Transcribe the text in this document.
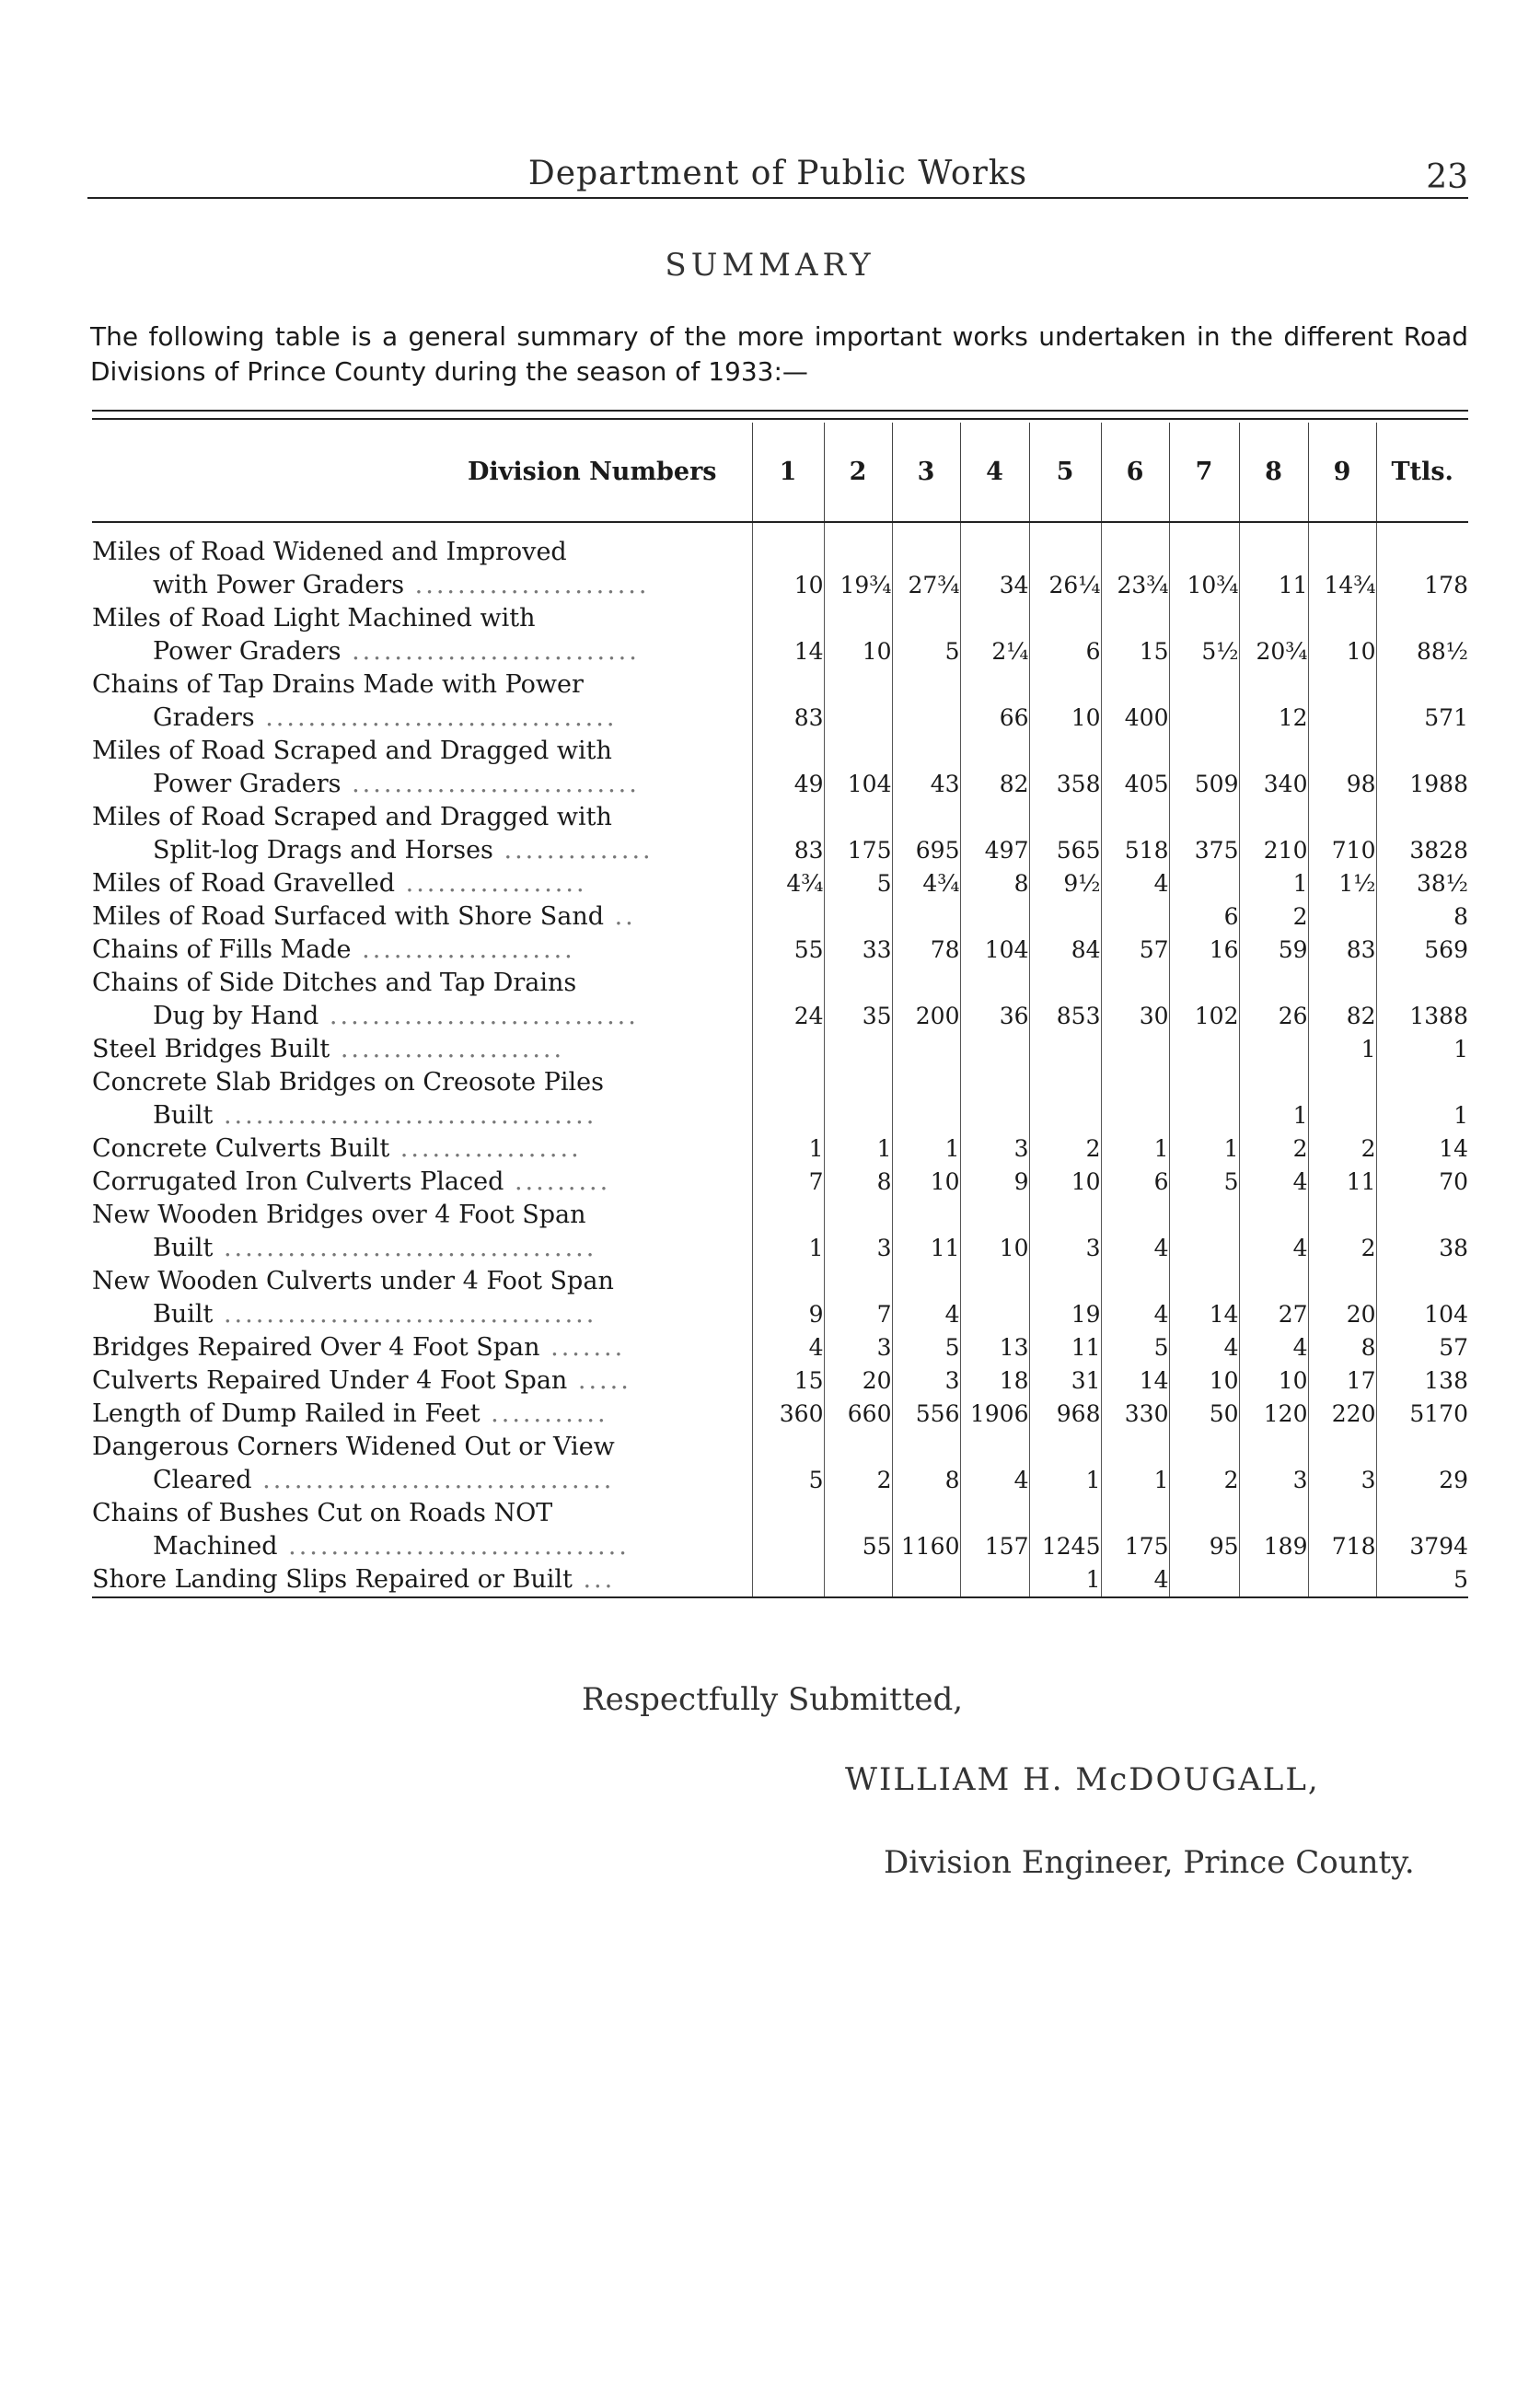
Department of Public Works	23
SUMMARY
The following table is a general summary of the more important works undertaken in the different Road Divisions of Prince County during the season of 1933:—
Division Numbers	1	2	3	4	5	6	7	8	9	Ttls.

Miles of Road Widened and Improved										
with Power Graders ......................	10	19¾	27¾	34	26¼	23¾	10¾	11	14¾	178
Miles of Road Light Machined with										
Power Graders ...........................	14	10	5	2¼	6	15	5½	20¾	10	88½
Chains of Tap Drains Made with Power										
Graders .................................	83			66	10	400		12		571
Miles of Road Scraped and Dragged with										
Power Graders ...........................	49	104	43	82	358	405	509	340	98	1988
Miles of Road Scraped and Dragged with										
Split-log Drags and Horses ..............	83	175	695	497	565	518	375	210	710	3828
Miles of Road Gravelled .................	4¾	5	4¾	8	9½	4		1	1½	38½
Miles of Road Surfaced with Shore Sand ..							6	2		8
Chains of Fills Made ....................	55	33	78	104	84	57	16	59	83	569
Chains of Side Ditches and Tap Drains										
Dug by Hand .............................	24	35	200	36	853	30	102	26	82	1388
Steel Bridges Built .....................									1	1
Concrete Slab Bridges on Creosote Piles										
Built ...................................								1		1
Concrete Culverts Built .................	1	1	1	3	2	1	1	2	2	14
Corrugated Iron Culverts Placed .........	7	8	10	9	10	6	5	4	11	70
New Wooden Bridges over 4 Foot Span										
Built ...................................	1	3	11	10	3	4		4	2	38
New Wooden Culverts under 4 Foot Span										
Built ...................................	9	7	4		19	4	14	27	20	104
Bridges Repaired Over 4 Foot Span .......	4	3	5	13	11	5	4	4	8	57
Culverts Repaired Under 4 Foot Span .....	15	20	3	18	31	14	10	10	17	138
Length of Dump Railed in Feet ...........	360	660	556	1906	968	330	50	120	220	5170
Dangerous Corners Widened Out or View										
Cleared .................................	5	2	8	4	1	1	2	3	3	29
Chains of Bushes Cut on Roads NOT										
Machined ................................		55	1160	157	1245	175	95	189	718	3794
Shore Landing Slips Repaired or Built ...					1	4				5
Respectfully Submitted,
WILLIAM H. McDOUGALL,
Division Engineer, Prince County.
